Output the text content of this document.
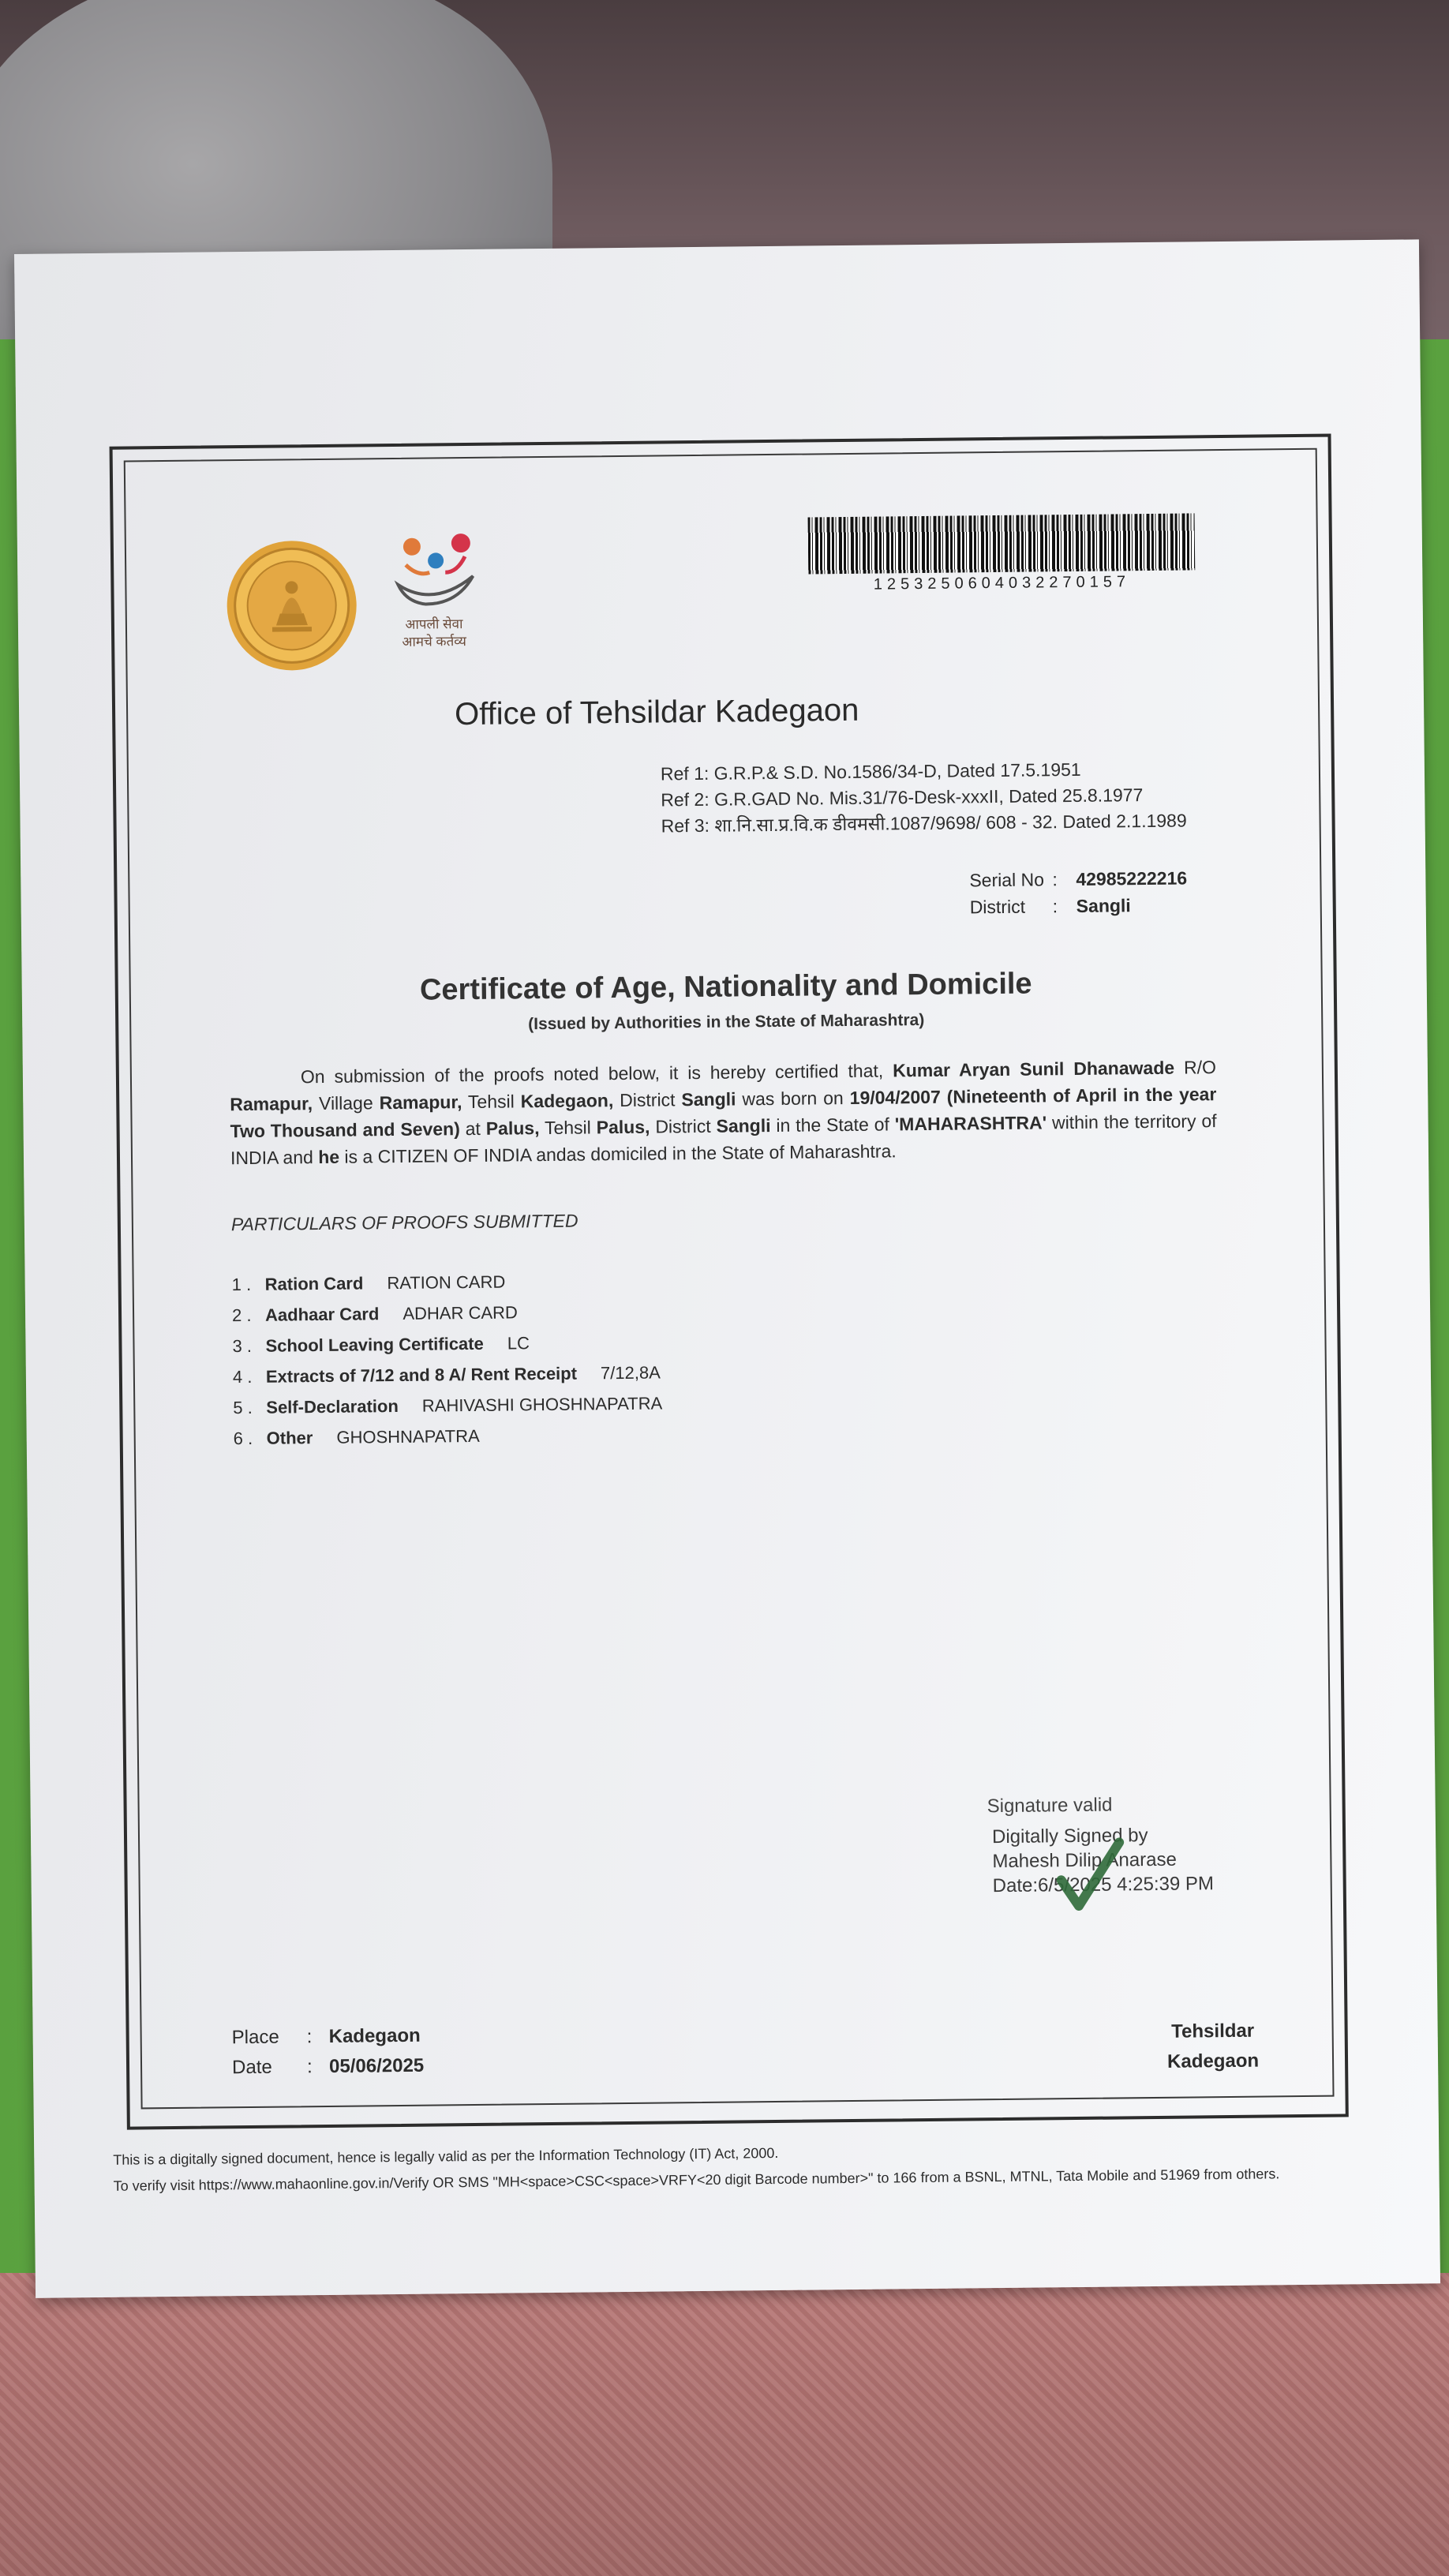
आपली सेवा
आमचे कर्तव्य
1253250604032270157
Office of Tehsildar Kadegaon
Ref 1: G.R.P.& S.D. No.1586/34-D, Dated 17.5.1951
Ref 2: G.R.GAD No. Mis.31/76-Desk-xxxII, Dated 25.8.1977
Ref 3: शा.नि.सा.प्र.वि.क डीवमसी.1087/9698/ 608 - 32. Dated 2.1.1989
Serial No : 42985222216
District : Sangli
Certificate of Age, Nationality and Domicile
(Issued by Authorities in the State of Maharashtra)
On submission of the proofs noted below, it is hereby certified that, Kumar Aryan Sunil Dhanawade R/O Ramapur, Village Ramapur, Tehsil Kadegaon, District Sangli was born on 19/04/2007 (Nineteenth of April in the year Two Thousand and Seven) at Palus, Tehsil Palus, District Sangli in the State of 'MAHARASHTRA' within the territory of INDIA and he is a CITIZEN OF INDIA andas domiciled in the State of Maharashtra.
PARTICULARS OF PROOFS SUBMITTED
1 . Ration Card RATION CARD
2 . Aadhaar Card ADHAR CARD
3 . School Leaving Certificate LC
4 . Extracts of 7/12 and 8 A/ Rent Receipt 7/12,8A
5 . Self-Declaration RAHIVASHI GHOSHNAPATRA
6 . Other GHOSHNAPATRA
Signature valid
Digitally Signed by
Mahesh Dilip Anarase
Date:6/5/2025 4:25:39 PM
Place : Kadegaon
Date : 05/06/2025
Tehsildar
Kadegaon
This is a digitally signed document, hence is legally valid as per the Information Technology (IT) Act, 2000.
To verify visit https://www.mahaonline.gov.in/Verify OR SMS "MH<space>CSC<space>VRFY<20 digit Barcode number>" to 166 from a BSNL, MTNL, Tata Mobile and 51969 from others.
